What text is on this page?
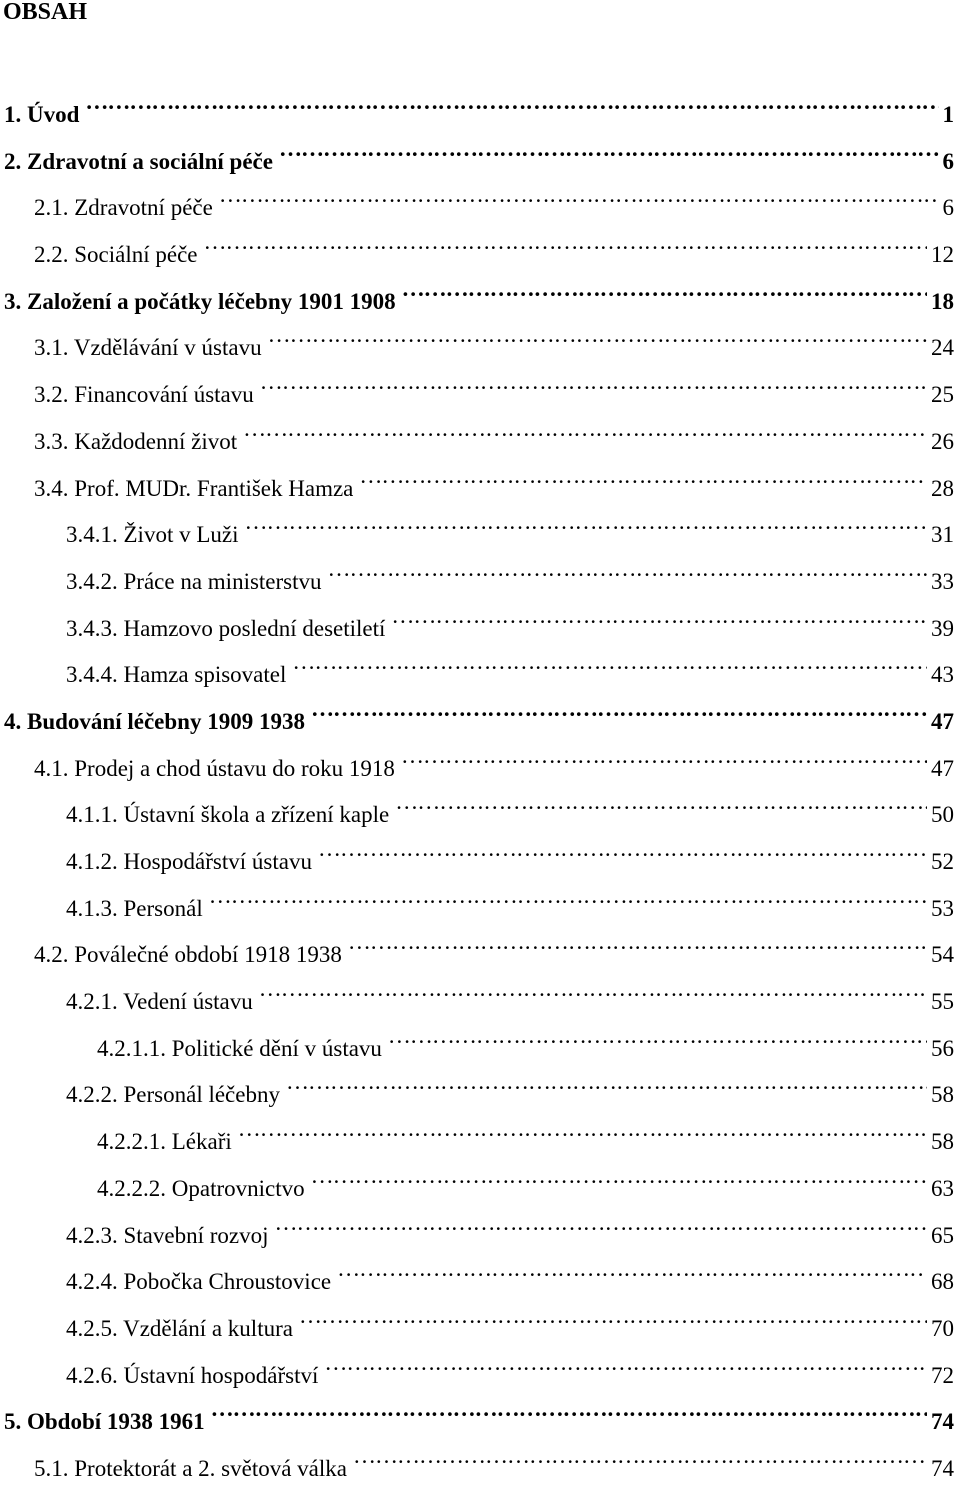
OBSAH
1. Úvod …………………………………………………………………………………………………………………………………………………………………………………………………………………………………………………………………………………………	1
2. Zdravotní a sociální péče …………………………………………………………………………………………………………………………………………………………………………………………………………………………………………………………………………………………	6
2.1. Zdravotní péče …………………………………………………………………………………………………………………………………………………………………………………………………………………………………………………………………………………………	6
2.2. Sociální péče …………………………………………………………………………………………………………………………………………………………………………………………………………………………………………………………………………………………	12
3. Založení a počátky léčebny 1901 1908 …………………………………………………………………………………………………………………………………………………………………………………………………………………………………………………………………………………………	18
3.1. Vzdělávání v ústavu …………………………………………………………………………………………………………………………………………………………………………………………………………………………………………………………………………………………	24
3.2. Financování ústavu …………………………………………………………………………………………………………………………………………………………………………………………………………………………………………………………………………………………	25
3.3. Každodenní život …………………………………………………………………………………………………………………………………………………………………………………………………………………………………………………………………………………………	26
3.4. Prof. MUDr. František Hamza …………………………………………………………………………………………………………………………………………………………………………………………………………………………………………………………………………………………	28
3.4.1. Život v Luži …………………………………………………………………………………………………………………………………………………………………………………………………………………………………………………………………………………………	31
3.4.2. Práce na ministerstvu …………………………………………………………………………………………………………………………………………………………………………………………………………………………………………………………………………………………	33
3.4.3. Hamzovo poslední desetiletí …………………………………………………………………………………………………………………………………………………………………………………………………………………………………………………………………………………………	39
3.4.4. Hamza spisovatel …………………………………………………………………………………………………………………………………………………………………………………………………………………………………………………………………………………………	43
4. Budování léčebny 1909 1938 …………………………………………………………………………………………………………………………………………………………………………………………………………………………………………………………………………………………	47
4.1. Prodej a chod ústavu do roku 1918 …………………………………………………………………………………………………………………………………………………………………………………………………………………………………………………………………………………………	47
4.1.1. Ústavní škola a zřízení kaple …………………………………………………………………………………………………………………………………………………………………………………………………………………………………………………………………………………………	50
4.1.2. Hospodářství ústavu …………………………………………………………………………………………………………………………………………………………………………………………………………………………………………………………………………………………	52
4.1.3. Personál …………………………………………………………………………………………………………………………………………………………………………………………………………………………………………………………………………………………	53
4.2. Poválečné období 1918 1938 …………………………………………………………………………………………………………………………………………………………………………………………………………………………………………………………………………………………	54
4.2.1. Vedení ústavu …………………………………………………………………………………………………………………………………………………………………………………………………………………………………………………………………………………………	55
4.2.1.1. Politické dění v ústavu …………………………………………………………………………………………………………………………………………………………………………………………………………………………………………………………………………………………	56
4.2.2. Personál léčebny …………………………………………………………………………………………………………………………………………………………………………………………………………………………………………………………………………………………	58
4.2.2.1. Lékaři …………………………………………………………………………………………………………………………………………………………………………………………………………………………………………………………………………………………	58
4.2.2.2. Opatrovnictvo …………………………………………………………………………………………………………………………………………………………………………………………………………………………………………………………………………………………	63
4.2.3. Stavební rozvoj …………………………………………………………………………………………………………………………………………………………………………………………………………………………………………………………………………………………	65
4.2.4. Pobočka Chroustovice …………………………………………………………………………………………………………………………………………………………………………………………………………………………………………………………………………………………	68
4.2.5. Vzdělání a kultura …………………………………………………………………………………………………………………………………………………………………………………………………………………………………………………………………………………………	70
4.2.6. Ústavní hospodářství …………………………………………………………………………………………………………………………………………………………………………………………………………………………………………………………………………………………	72
5. Období 1938 1961 …………………………………………………………………………………………………………………………………………………………………………………………………………………………………………………………………………………………	74
5.1. Protektorát a 2. světová válka …………………………………………………………………………………………………………………………………………………………………………………………………………………………………………………………………………………………	74
